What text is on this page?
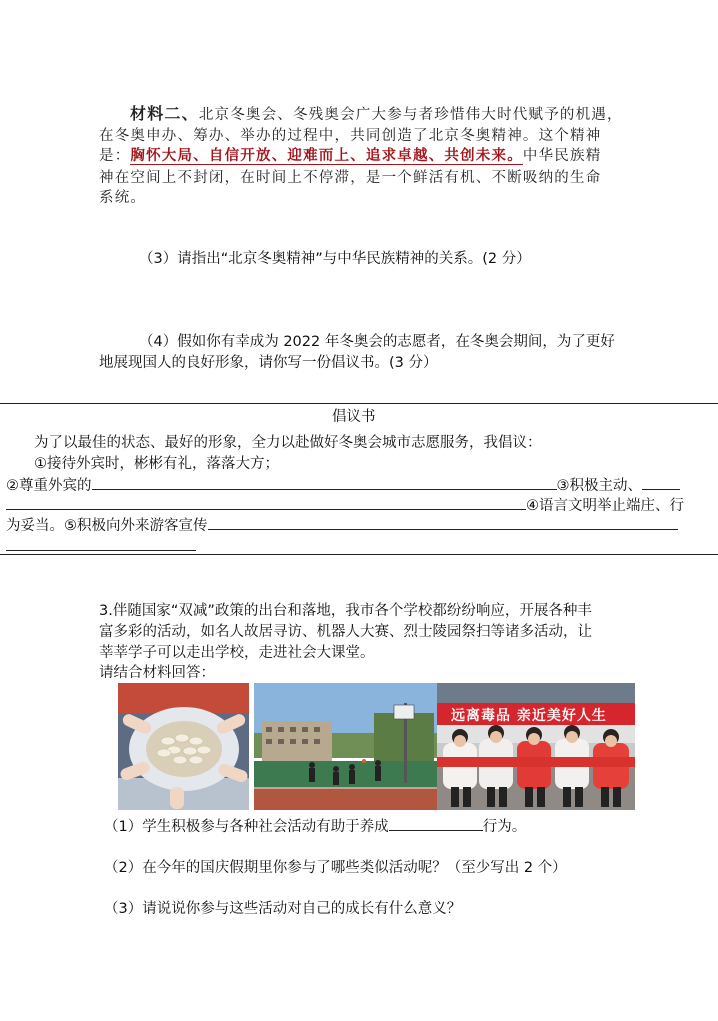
材料二、北京冬奥会、冬残奥会广大参与者珍惜伟大时代赋予的机遇，
在冬奥申办、筹办、举办的过程中，共同创造了北京冬奥精神。这个精神
是：胸怀大局、自信开放、迎难而上、追求卓越、共创未来。中华民族精
神在空间上不封闭，在时间上不停滞，是一个鲜活有机、不断吸纳的生命
系统。
（3）请指出“北京冬奥精神”与中华民族精神的关系。(2 分）
（4）假如你有幸成为 2022 年冬奥会的志愿者，在冬奥会期间，为了更好
地展现国人的良好形象，请你写一份倡议书。(3 分）
倡议书
为了以最佳的状态、最好的形象，全力以赴做好冬奥会城市志愿服务，我倡议：
①接待外宾时，彬彬有礼，落落大方；
②尊重外宾的	③积极主动、
④语言文明举止端庄、行
为妥当。⑤积极向外来游客宣传
3.伴随国家“双减”政策的出台和落地，我市各个学校都纷纷响应，开展各种丰
富多彩的活动，如名人故居寻访、机器人大赛、烈士陵园祭扫等诸多活动，让
莘莘学子可以走出学校，走进社会大课堂。
请结合材料回答：
远离毒品 亲近美好人生
（1）学生积极参与各种社会活动有助于养成	行为。
（2）在今年的国庆假期里你参与了哪些类似活动呢？（至少写出 2 个）
（3）请说说你参与这些活动对自己的成长有什么意义？
